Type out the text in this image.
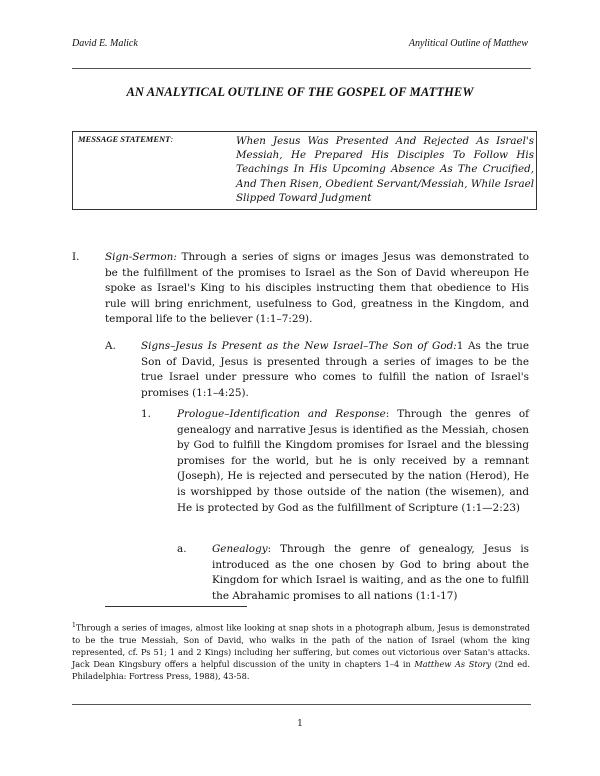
David E. Malick	Anylitical Outline of Matthew
AN ANALYTICAL OUTLINE OF THE GOSPEL OF MATTHEW
MESSAGE STATEMENT:	When Jesus Was Presented And Rejected As Israel's Messiah, He Prepared His Disciples To Follow His Teachings In His Upcoming Absence As The Crucified, And Then Risen, Obedient Servant/Messiah, While Israel Slipped Toward Judgment
I. Sign-Sermon: Through a series of signs or images Jesus was demonstrated to be the fulfillment of the promises to Israel as the Son of David whereupon He spoke as Israel's King to his disciples instructing them that obedience to His rule will bring enrichment, usefulness to God, greatness in the Kingdom, and temporal life to the believer (1:1–7:29).
A. Signs–Jesus Is Present as the New Israel–The Son of God:1 As the true Son of David, Jesus is presented through a series of images to be the true Israel under pressure who comes to fulfill the nation of Israel's promises (1:1–4:25).
1.	Prologue–Identification and Response: Through the genres of genealogy and narrative Jesus is identified as the Messiah, chosen by God to fulfill the Kingdom promises for Israel and the blessing promises for the world, but he is only received by a remnant (Joseph), He is rejected and persecuted by the nation (Herod), He is worshipped by those outside of the nation (the wisemen), and He is protected by God as the fulfillment of Scripture (1:1—2:23)
a. Genealogy: Through the genre of genealogy, Jesus is introduced as the one chosen by God to bring about the Kingdom for which Israel is waiting, and as the one to fulfill the Abrahamic promises to all nations (1:1-17)
$^1$Through a series of images, almost like looking at snap shots in a photograph album, Jesus is demonstrated to be the true Messiah, Son of David, who walks in the path of the nation of Israel (whom the king represented, cf. Ps 51; 1 and 2 Kings) including her suffering, but comes out victorious over Satan's attacks. Jack Dean Kingsbury offers a helpful discussion of the unity in chapters 1–4 in Matthew As Story (2nd ed. Philadelphia: Fortress Press, 1988), 43-58.
1
